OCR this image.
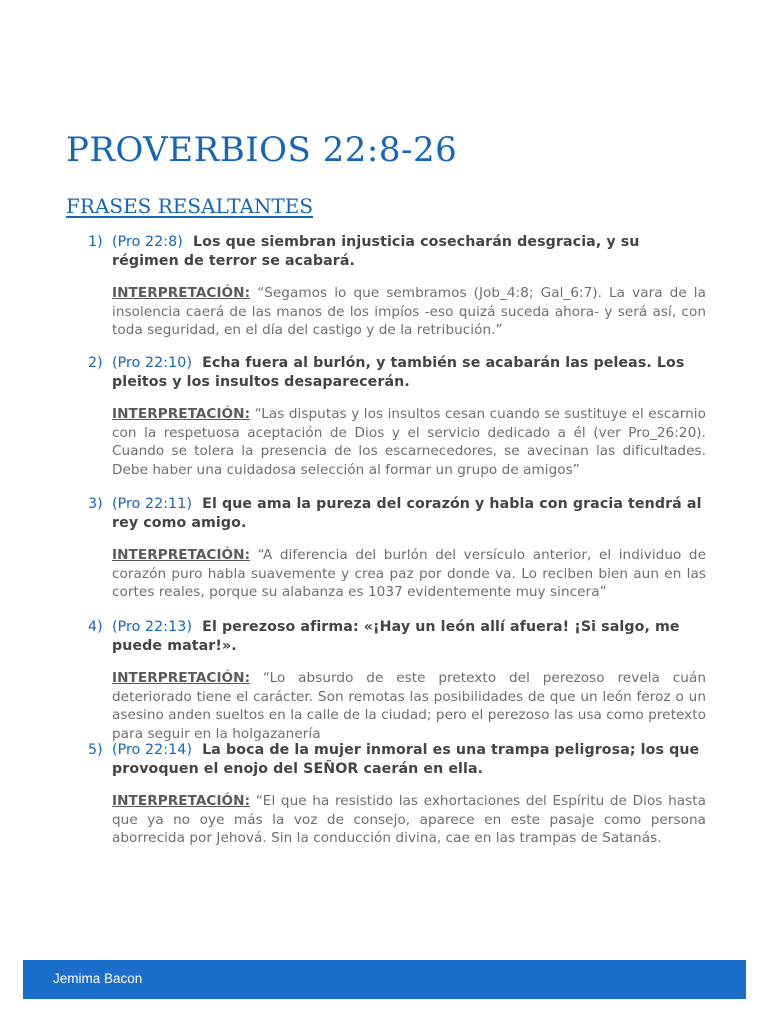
PROVERBIOS 22:8-26
FRASES RESALTANTES
1) (Pro 22:8) Los que siembran injusticia cosecharán desgracia, y su régimen de terror se acabará.
INTERPRETACIÓN: “Segamos lo que sembramos (Job_4:8; Gal_6:7). La vara de la insolencia caerá de las manos de los impíos -eso quizá suceda ahora- y será así, con toda seguridad, en el día del castigo y de la retribución.”
2) (Pro 22:10) Echa fuera al burlón, y también se acabarán las peleas. Los pleitos y los insultos desaparecerán.
INTERPRETACIÓN: “Las disputas y los insultos cesan cuando se sustituye el escarnio con la respetuosa aceptación de Dios y el servicio dedicado a él (ver Pro_26:20). Cuando se tolera la presencia de los escarnecedores, se avecinan las dificultades. Debe haber una cuidadosa selección al formar un grupo de amigos”
3) (Pro 22:11) El que ama la pureza del corazón y habla con gracia tendrá al rey como amigo.
INTERPRETACIÓN: “A diferencia del burlón del versículo anterior, el individuo de corazón puro habla suavemente y crea paz por donde va. Lo reciben bien aun en las cortes reales, porque su alabanza es 1037 evidentemente muy sincera”
4) (Pro 22:13) El perezoso afirma: «¡Hay un león allí afuera! ¡Si salgo, me puede matar!».
INTERPRETACIÓN: “Lo absurdo de este pretexto del perezoso revela cuán deteriorado tiene el carácter. Son remotas las posibilidades de que un león feroz o un asesino anden sueltos en la calle de la ciudad; pero el perezoso las usa como pretexto para seguir en la holgazanería
5) (Pro 22:14) La boca de la mujer inmoral es una trampa peligrosa; los que provoquen el enojo del SEÑOR caerán en ella.
INTERPRETACIÓN: “El que ha resistido las exhortaciones del Espíritu de Dios hasta que ya no oye más la voz de consejo, aparece en este pasaje como persona aborrecida por Jehová. Sin la conducción divina, cae en las trampas de Satanás.
Jemima Bacon
